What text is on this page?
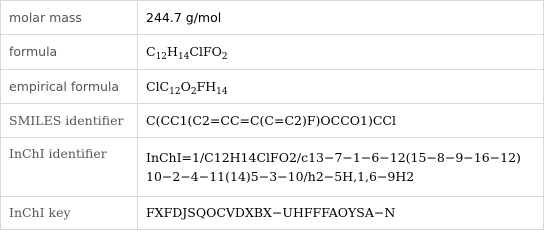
molar mass	244.7 g/mol
formula	$C_{12}H_{14}ClFO_2$
empirical formula	$ClC_{12}O_2FH_{14}$
SMILES identifier	C(CC1(C2=CC=C(C=C2)F)OCCO1)CCl
InChI identifier	InChI=1/C12H14ClFO2/c13−7−1−6−12(15−8−9−16−12)
10−2−4−11(14)5−3−10/h2−5H,1,6−9H2

InChI key	FXFDJSQOCVDXBX−UHFFFAOYSA−N
